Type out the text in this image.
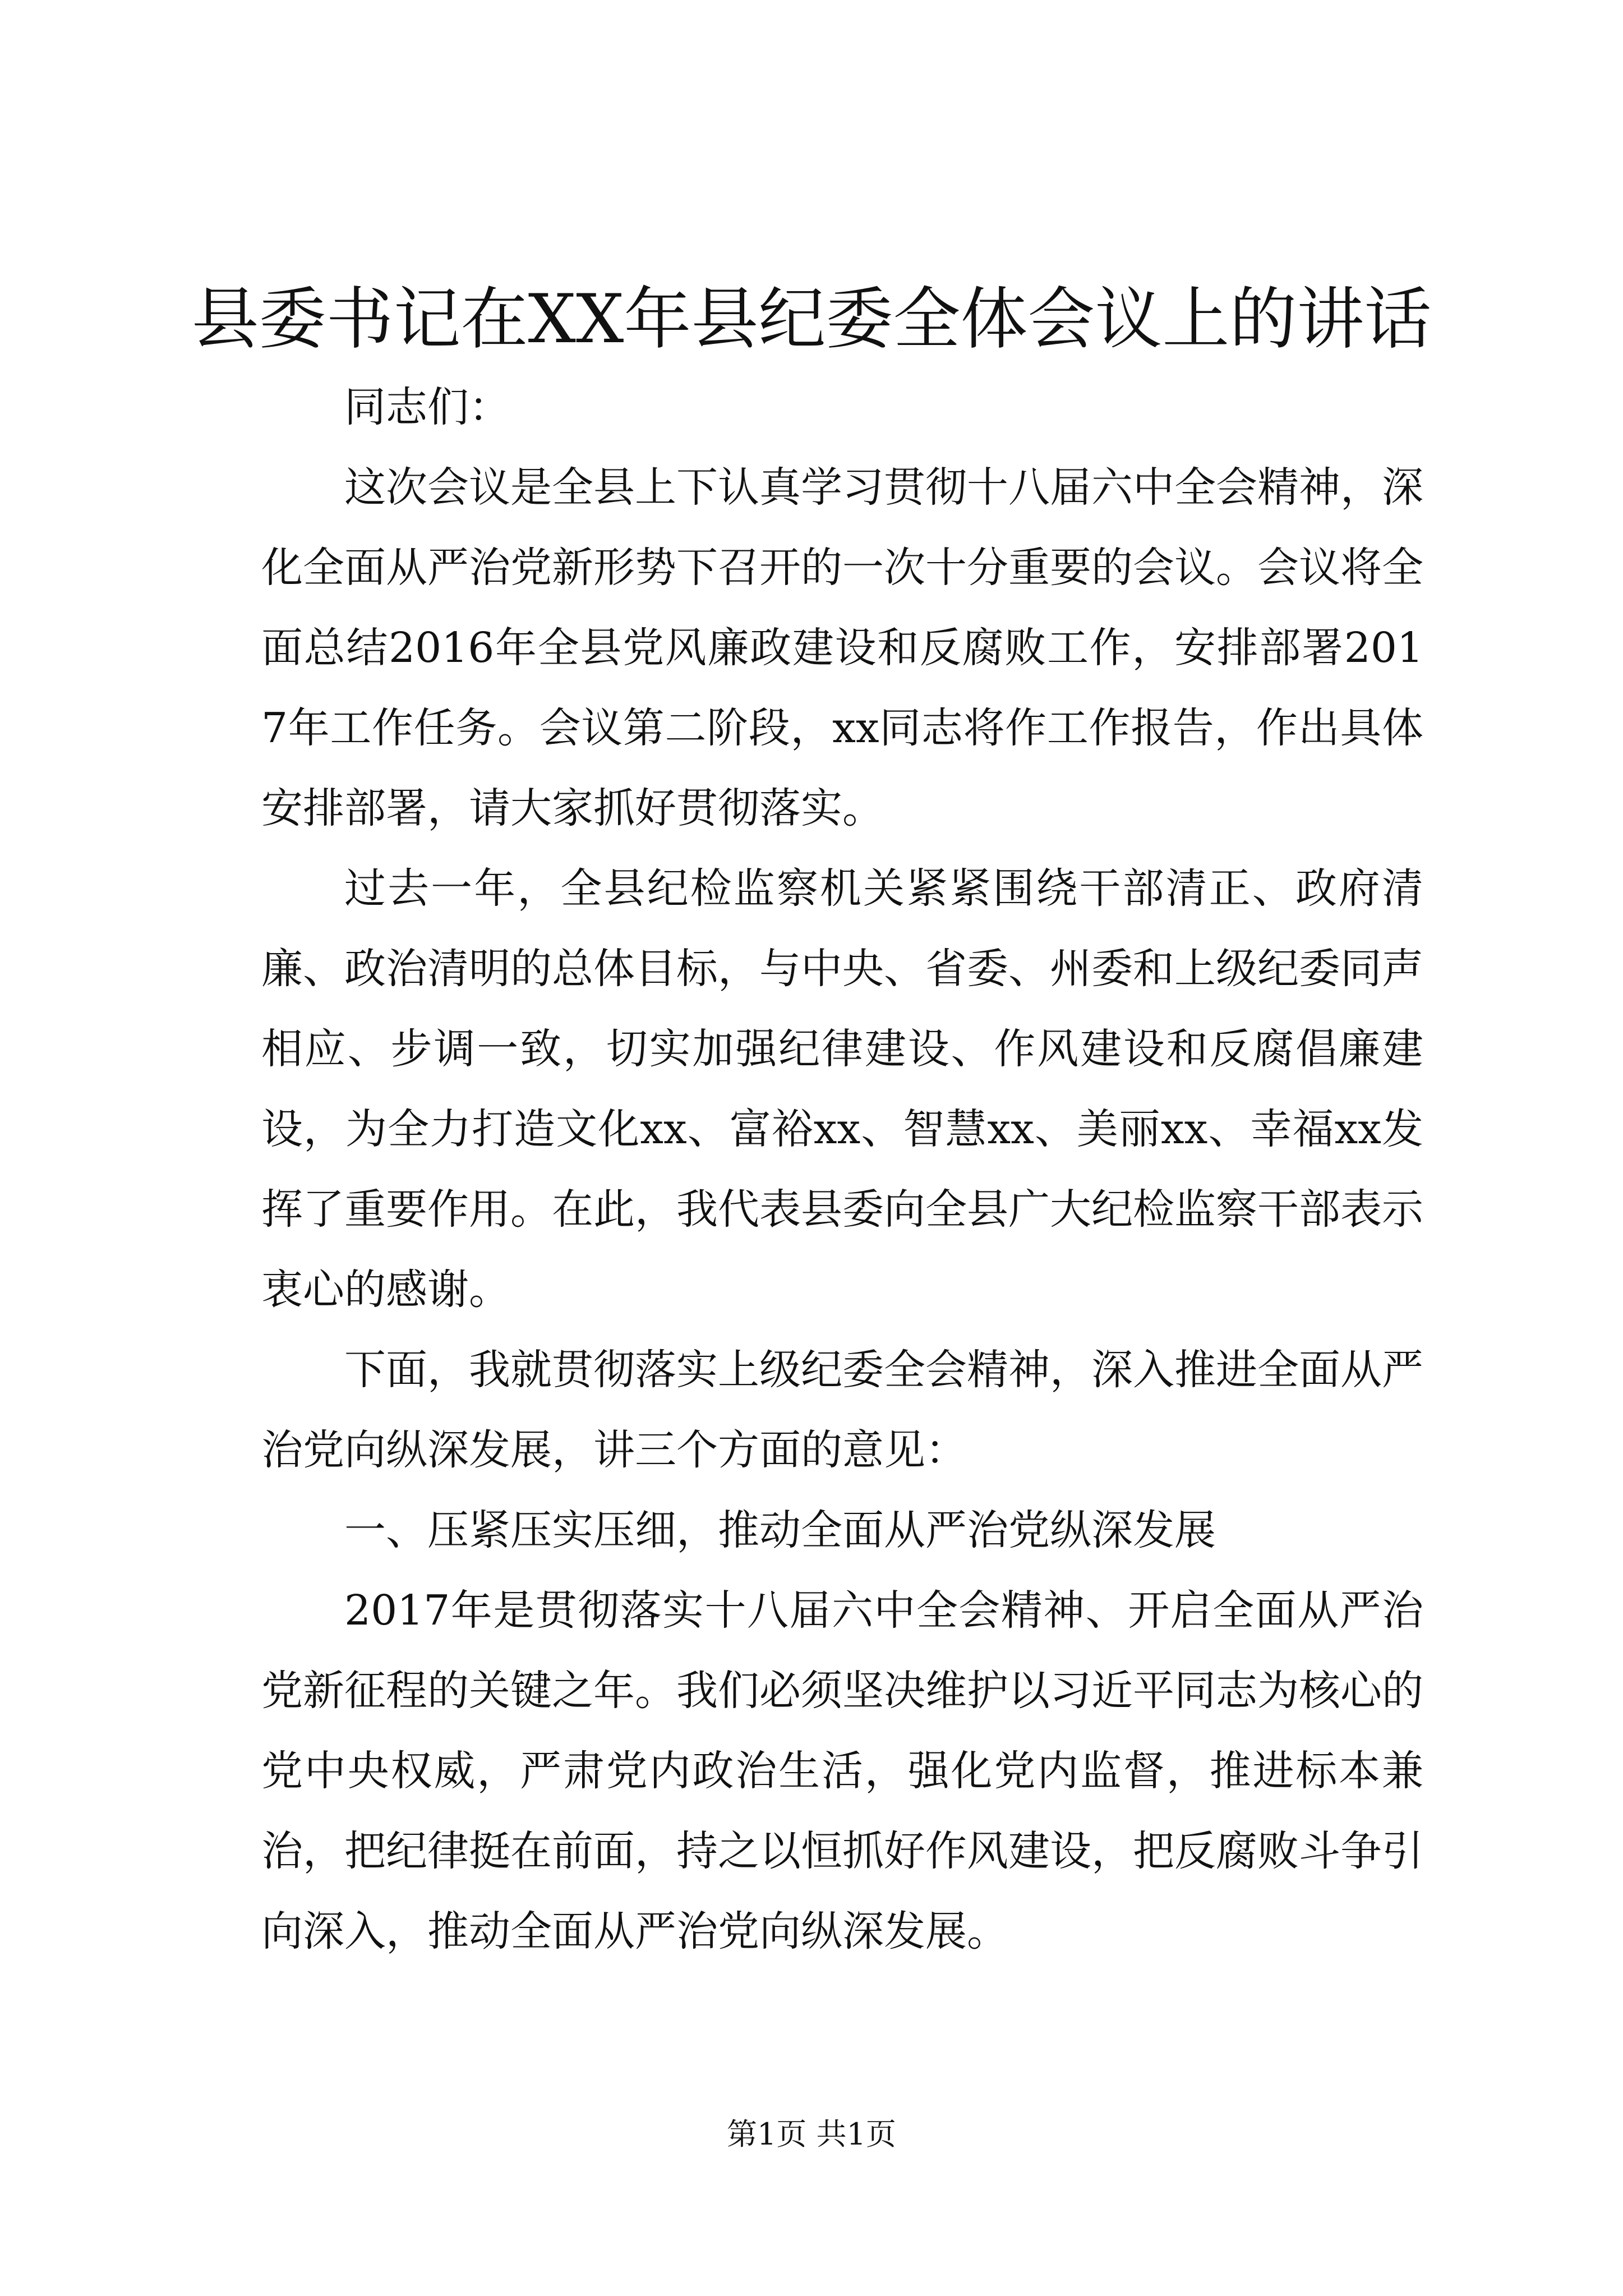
县委书记在XX年县纪委全体会议上的讲话

同志们：

这次会议是全县上下认真学习贯彻十八届六中全会精神，深化全面从严治党新形势下召开的一次十分重要的会议。会议将全面总结2016年全县党风廉政建设和反腐败工作，安排部署2017年工作任务。会议第二阶段，xx同志将作工作报告，作出具体安排部署，请大家抓好贯彻落实。

过去一年，全县纪检监察机关紧紧围绕干部清正、政府清廉、政治清明的总体目标，与中央、省委、州委和上级纪委同声相应、步调一致，切实加强纪律建设、作风建设和反腐倡廉建设，为全力打造文化xx、富裕xx、智慧xx、美丽xx、幸福xx发挥了重要作用。在此，我代表县委向全县广大纪检监察干部表示衷心的感谢。

下面，我就贯彻落实上级纪委全会精神，深入推进全面从严治党向纵深发展，讲三个方面的意见：

一、压紧压实压细，推动全面从严治党纵深发展

2017年是贯彻落实十八届六中全会精神、开启全面从严治党新征程的关键之年。我们必须坚决维护以习近平同志为核心的党中央权威，严肃党内政治生活，强化党内监督，推进标本兼治，把纪律挺在前面，持之以恒抓好作风建设，把反腐败斗争引向深入，推动全面从严治党向纵深发展。

第1页 共1页
